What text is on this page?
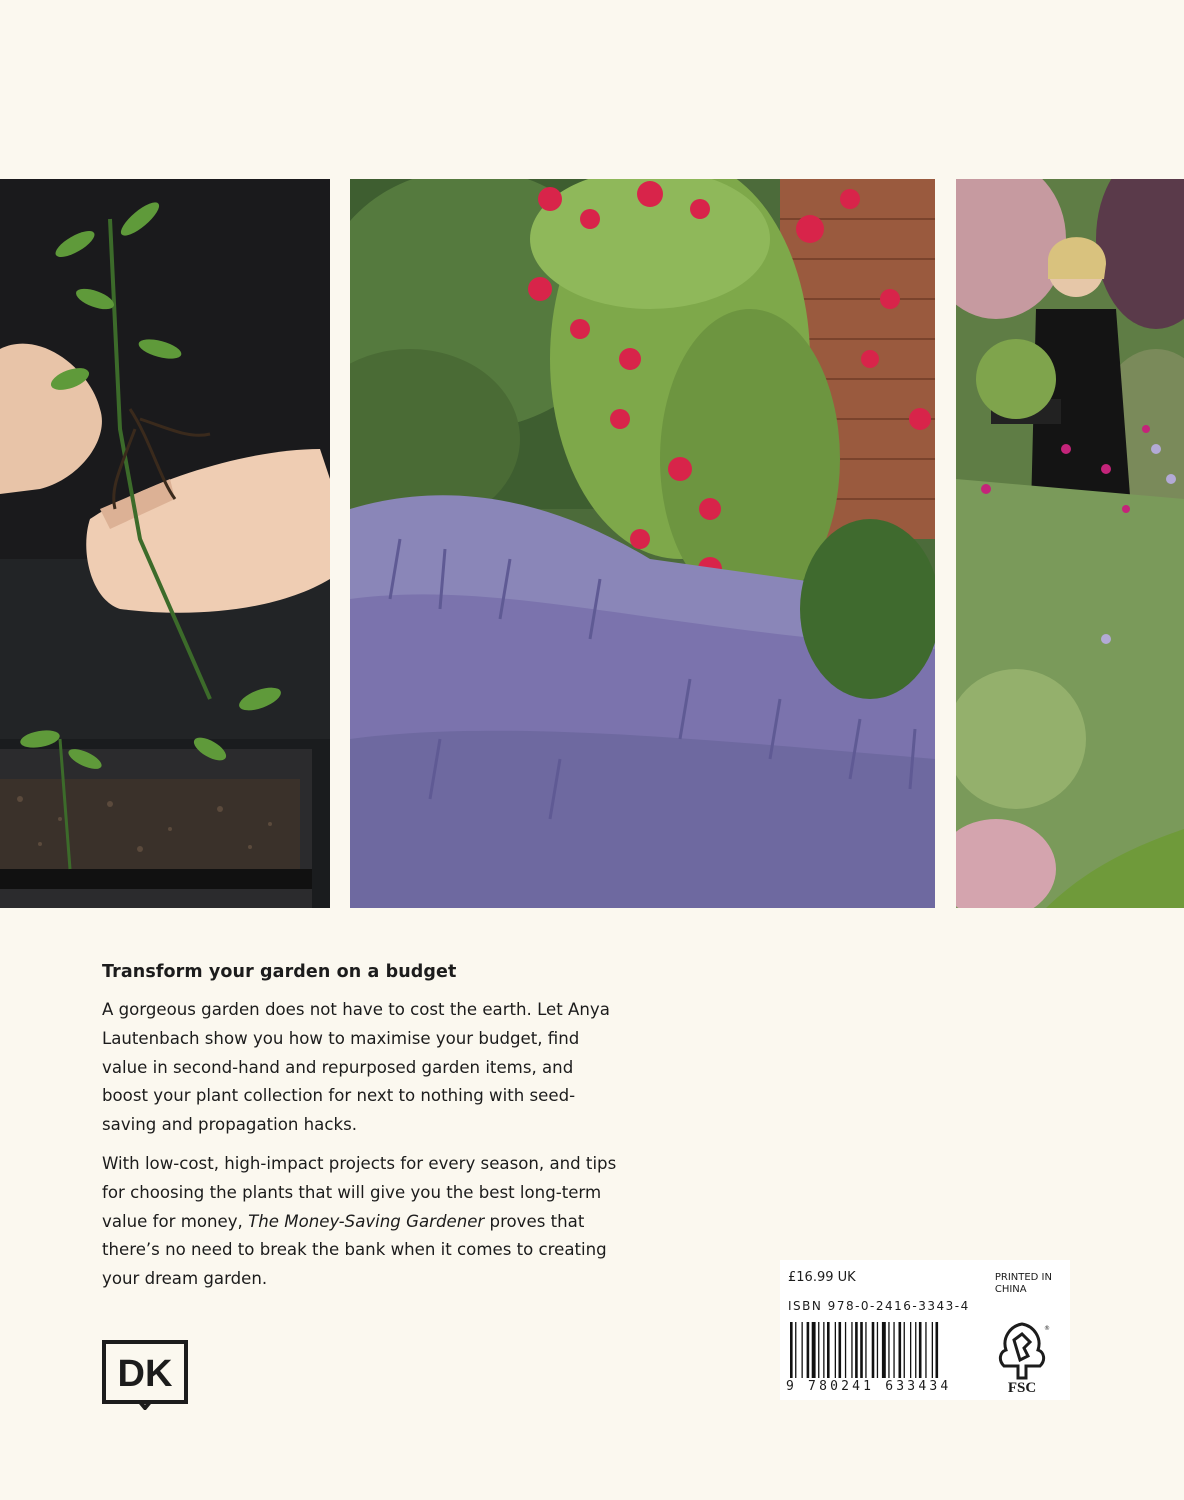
Transform your garden on a budget

A gorgeous garden does not have to cost the earth. Let Anya Lautenbach show you how to maximise your budget, find value in second-hand and repurposed garden items, and boost your plant collection for next to nothing with seed-saving and propagation hacks.

With low-cost, high-impact projects for every season, and tips for choosing the plants that will give you the best long-term value for money, The Money-Saving Gardener proves that there’s no need to break the bank when it comes to creating your dream garden.

DK
£16.99 UK	PRINTED IN
CHINA
ISBN 978-0-2416-3343-4
9 780241 633434	FSC
®
